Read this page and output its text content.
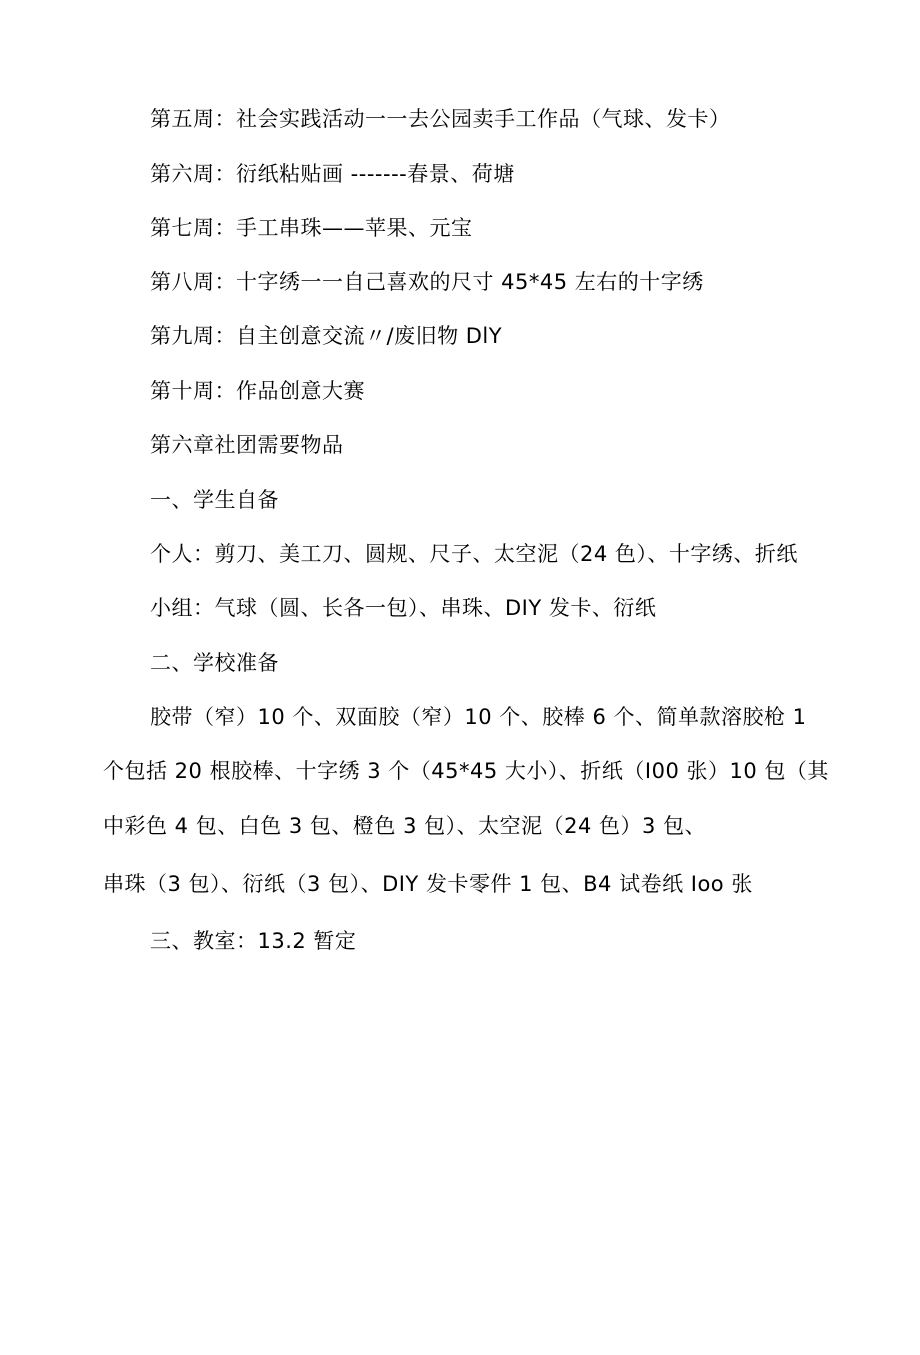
第五周：社会实践活动一一去公园卖手工作品（气球、发卡）
第六周：衍纸粘贴画 -------春景、荷塘
第七周：手工串珠——苹果、元宝
第八周：十字绣一一自己喜欢的尺寸 45*45 左右的十字绣
第九周：自主创意交流〃/废旧物 DlY
第十周：作品创意大赛
第六章社团需要物品
一、学生自备
个人：剪刀、美工刀、圆规、尺子、太空泥（24 色）、十字绣、折纸
小组：气球（圆、长各一包）、串珠、DIY 发卡、衍纸
二、学校准备
胶带（窄）10 个、双面胶（窄）10 个、胶棒 6 个、简单款溶胶枪 1
个包括 20 根胶棒、十字绣 3 个（45*45 大小）、折纸（I00 张）10 包（其
中彩色 4 包、白色 3 包、橙色 3 包）、太空泥（24 色）3 包、
串珠（3 包）、衍纸（3 包）、DIY 发卡零件 1 包、B4 试卷纸 Ioo 张
三、教室：13.2 暂定
